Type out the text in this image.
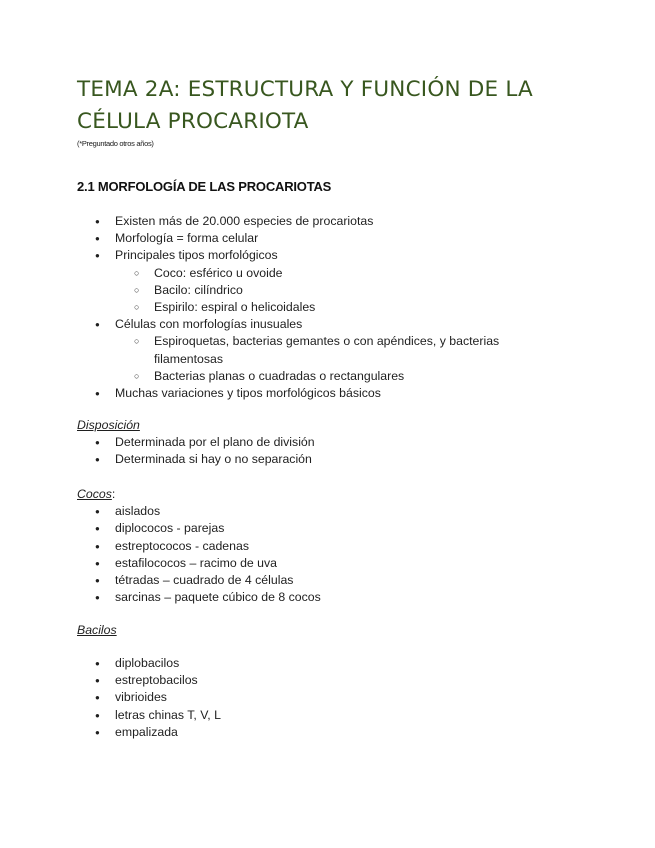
TEMA 2A: ESTRUCTURA Y FUNCIÓN DE LA
CÉLULA PROCARIOTA
(*Preguntado otros años)
2.1 MORFOLOGÍA DE LAS PROCARIOTAS
● Existen más de 20.000 especies de procariotas
● Morfología = forma celular
● Principales tipos morfológicos
○ Coco: esférico u ovoide
○ Bacilo: cilíndrico
○ Espirilo: espiral o helicoidales
● Células con morfologías inusuales
○ Espiroquetas, bacterias gemantes o con apéndices, y bacterias filamentosas
○ Bacterias planas o cuadradas o rectangulares
● Muchas variaciones y tipos morfológicos básicos
Disposición
● Determinada por el plano de división
● Determinada si hay o no separación
Cocos:
● aislados
● diplococos - parejas
● estreptococos - cadenas
● estafilococos – racimo de uva
● tétradas – cuadrado de 4 células
● sarcinas – paquete cúbico de 8 cocos
Bacilos
● diplobacilos
● estreptobacilos
● vibrioides
● letras chinas T, V, L
● empalizada
